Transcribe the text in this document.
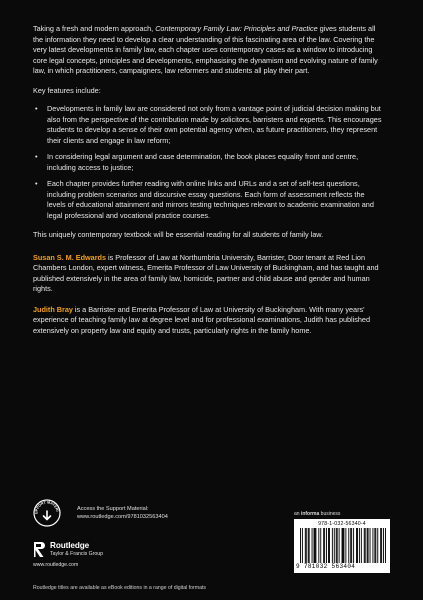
Taking a fresh and modern approach, Contemporary Family Law: Principles and Practice gives students all the information they need to develop a clear understanding of this fascinating area of the law. Covering the very latest developments in family law, each chapter uses contemporary cases as a window to introducing core legal concepts, principles and developments, emphasising the dynamism and evolving nature of family law, in which practitioners, campaigners, law reformers and students all play their part.

Key features include:

• Developments in family law are considered not only from a vantage point of judicial decision making but also from the perspective of the contribution made by solicitors, barristers and experts. This encourages students to develop a sense of their own potential agency when, as future practitioners, they represent their clients and engage in law reform;
• In considering legal argument and case determination, the book places equality front and centre, including access to justice;
• Each chapter provides further reading with online links and URLs and a set of self-test questions, including problem scenarios and discursive essay questions. Each form of assessment reflects the levels of educational attainment and mirrors testing techniques relevant to academic examination and legal professional and vocational practice courses.

This uniquely contemporary textbook will be essential reading for all students of family law.

Susan S. M. Edwards is Professor of Law at Northumbria University, Barrister, Door tenant at Red Lion Chambers London, expert witness, Emerita Professor of Law University of Buckingham, and has taught and published extensively in the area of family law, homicide, partner and child abuse and gender and human rights.

Judith Bray is a Barrister and Emerita Professor of Law at University of Buckingham. With many years' experience of teaching family law at degree level and for professional examinations, Judith has published extensively on property law and equity and trusts, particularly rights in the family home.

UPPORT MATERI	Access the Support Material:
www.routledge.com/9781032563404
Routledge
Taylor & Francis Group
www.routledge.com
an informa business
978-1-032-56340-4
9 781032 563404
Routledge titles are available as eBook editions in a range of digital formats
